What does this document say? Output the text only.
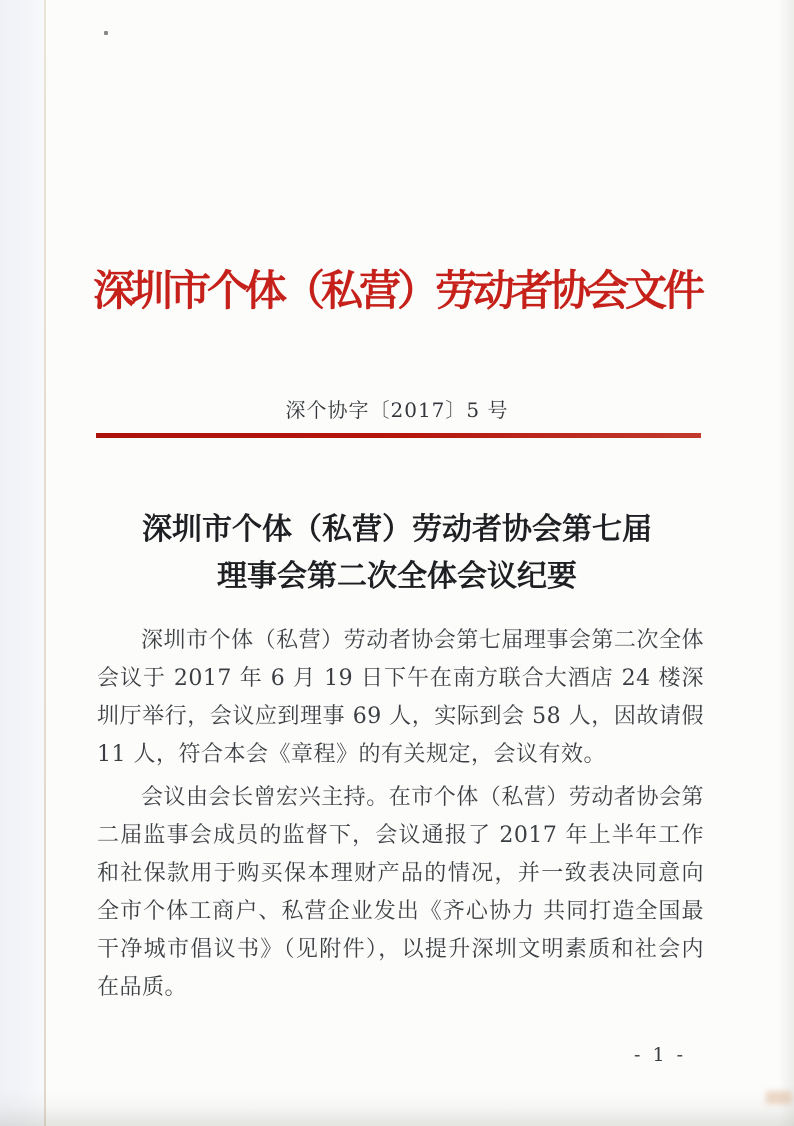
深圳市个体（私营）劳动者协会文件
深个协字〔2017〕5 号
深圳市个体（私营）劳动者协会第七届
理事会第二次全体会议纪要

深圳市个体（私营）劳动者协会第七届理事会第二次全体会议于 2017 年 6 月 19 日下午在南方联合大酒店 24 楼深圳厅举行，会议应到理事 69 人，实际到会 58 人，因故请假 11 人，符合本会《章程》的有关规定，会议有效。

会议由会长曾宏兴主持。在市个体（私营）劳动者协会第二届监事会成员的监督下，会议通报了 2017 年上半年工作和社保款用于购买保本理财产品的情况，并一致表决同意向全市个体工商户、私营企业发出《齐心协力 共同打造全国最干净城市倡议书》（见附件），以提升深圳文明素质和社会内在品质。

- 1 -
